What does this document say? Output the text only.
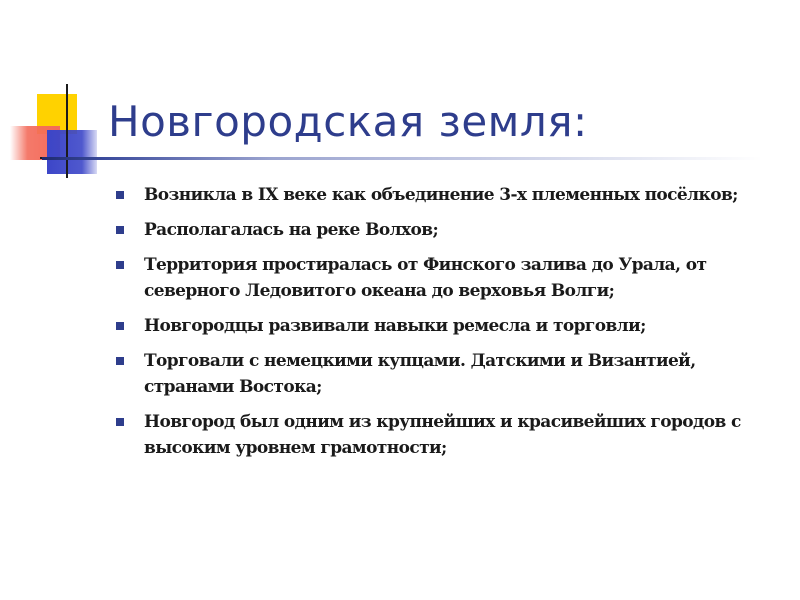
Новгородская земля:
Возникла в IX веке как объединение 3-х племенных посёлков;
Располагалась на реке Волхов;
Территория простиралась от Финского залива до Урала, от северного Ледовитого океана до верховья Волги;
Новгородцы развивали навыки ремесла и торговли;
Торговали с немецкими купцами. Датскими и Византией, странами Востока;
Новгород был одним из крупнейших и красивейших городов с высоким уровнем грамотности;
